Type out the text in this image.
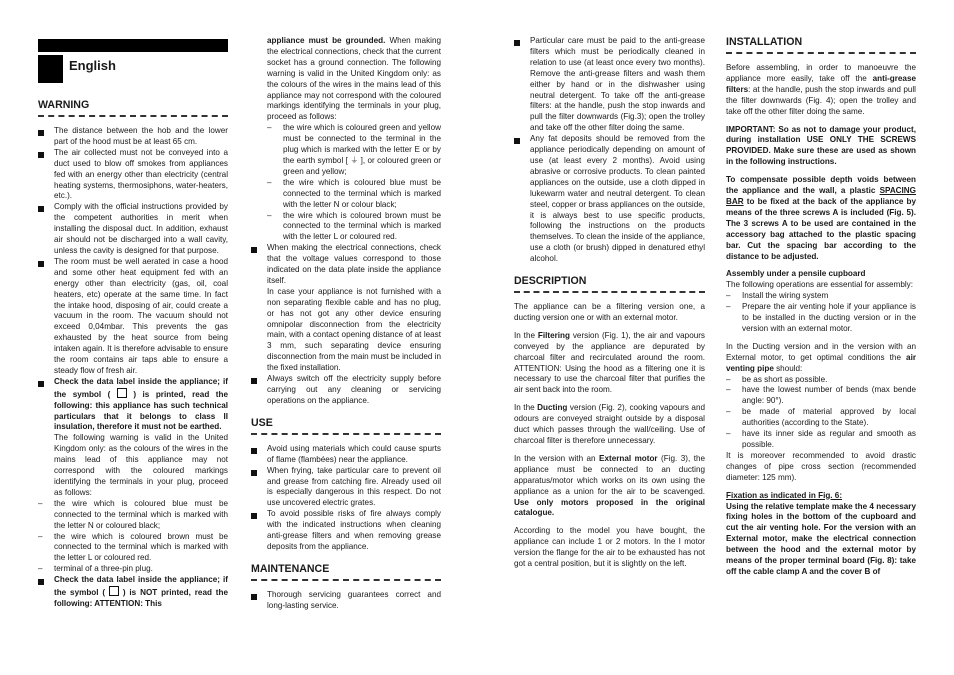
English
WARNING

The distance between the hob and the lower part of the hood must be at least 65 cm.

The air collected must not be conveyed into a duct used to blow off smokes from appliances fed with an energy other than electricity (central heating systems, thermosiphons, water-heaters, etc.).

Comply with the official instructions provided by the competent authorities in merit when installing the disposal duct. In addition, exhaust air should not be discharged into a wall cavity, unless the cavity is designed for that purpose.

The room must be well aerated in case a hood and some other heat equipment fed with an energy other than electricity (gas, oil, coal heaters, etc) operate at the same time. In fact the intake hood, disposing of air, could create a vacuum in the room. The vacuum should not exceed 0,04mbar. This prevents the gas exhausted by the heat source from being intaken again. It is therefore advisable to ensure the room contains air taps able to ensure a steady flow of fresh air.

Check the data label inside the appliance; if the symbol (  ) is printed, read the following: this appliance has such technical particulars that it belongs to class II insulation, therefore it must not be earthed.

The following warning is valid in the United Kingdom only: as the colours of the wires in the mains lead of this appliance may not correspond with the coloured markings identifying the terminals in your plug, proceed as follows:

– the wire which is coloured blue must be connected to the terminal which is marked with the letter N or coloured black;

– the wire which is coloured brown must be connected to the terminal which is marked with the letter L or coloured red.

– terminal of a three-pin plug.

Check the data label inside the appliance; if the symbol (  ) is NOT printed, read the following: ATTENTION: This

appliance must be grounded. When making the electrical connections, check that the current socket has a ground connection. The following warning is valid in the United Kingdom only: as the colours of the wires in the mains lead of this appliance may not correspond with the coloured markings identifying the terminals in your plug, proceed as follows:

– the wire which is coloured green and yellow must be connected to the terminal in the plug which is marked with the letter E or by the earth symbol [ ⏚ ], or coloured green or green and yellow;

– the wire which is coloured blue must be connected to the terminal which is marked with the letter N or colour black;

– the wire which is coloured brown must be connected to the terminal which is marked with the letter L or coloured red.

When making the electrical connections, check that the voltage values correspond to those indicated on the data plate inside the appliance itself.

In case your appliance is not furnished with a non separating flexible cable and has no plug, or has not got any other device ensuring omnipolar disconnection from the electricity main, with a contact opening distance of at least 3 mm, such separating device ensuring disconnection from the main must be included in the fixed installation.

Always switch off the electricity supply before carrying out any cleaning or servicing operations on the appliance.

USE

Avoid using materials which could cause spurts of flame (flambées) near the appliance.

When frying, take particular care to prevent oil and grease from catching fire. Already used oil is especially dangerous in this respect. Do not use uncovered electric grates.

To avoid possible risks of fire always comply with the indicated instructions when cleaning anti-grease filters and when removing grease deposits from the appliance.

MAINTENANCE

Thorough servicing guarantees correct and long-lasting service.

Particular care must be paid to the anti-grease filters which must be periodically cleaned in relation to use (at least once every two months). Remove the anti-grease filters and wash them either by hand or in the dishwasher using neutral detergent. To take off the anti-grease filters: at the handle, push the stop inwards and pull the filter downwards (Fig.3); open the trolley and take off the other filter doing the same.

Any fat deposits should be removed from the appliance periodically depending on amount of use (at least every 2 months). Avoid using abrasive or corrosive products. To clean painted appliances on the outside, use a cloth dipped in lukewarm water and neutral detergent. To clean steel, copper or brass appliances on the outside, it is always best to use specific products, following the instructions on the products themselves. To clean the inside of the appliance, use a cloth (or brush) dipped in denatured ethyl alcohol.

DESCRIPTION

The appliance can be a filtering version one, a ducting version one or with an external motor.

In the Filtering version (Fig. 1), the air and vapours conveyed by the appliance are depurated by charcoal filter and recirculated around the room. ATTENTION: Using the hood as a filtering one it is necessary to use the charcoal filter that purifies the air sent back into the room.

In the Ducting version (Fig. 2), cooking vapours and odours are conveyed straight outside by a disposal duct which passes through the wall/ceiling. Use of charcoal filter is therefore unnecessary.

In the version with an External motor (Fig. 3), the appliance must be connected to an ducting apparatus/motor which works on its own using the appliance as a union for the air to be scavenged. Use only motors proposed in the original catalogue.

According to the model you have bought, the appliance can include 1 or 2 motors. In the I motor version the flange for the air to be exhausted has not got a central position, but it is slightly on the left.

INSTALLATION

Before assembling, in order to manoeuvre the appliance more easily, take off the anti-grease filters: at the handle, push the stop inwards and pull the filter downwards (Fig. 4); open the trolley and take off the other filter doing the same.

IMPORTANT: So as not to damage your product, during installation USE ONLY THE SCREWS PROVIDED. Make sure these are used as shown in the following instructions.

To compensate possible depth voids between the appliance and the wall, a plastic SPACING BAR to be fixed at the back of the appliance by means of the three screws A is included (Fig. 5). The 3 screws A to be used are contained in the accessory bag attached to the plastic spacing bar. Cut the spacing bar according to the distance to be adjusted.

Assembly under a pensile cupboard

The following operations are essential for assembly:

– Install the wiring system

– Prepare the air venting hole if your appliance is to be installed in the ducting version or in the version with an external motor.

In the Ducting version and in the version with an External motor, to get optimal conditions the air venting pipe should:

– be as short as possible.

– have the lowest number of bends (max bende angle: 90°).

– be made of material approved by local authorities (according to the State).

– have its inner side as regular and smooth as possible.

It is moreover recommended to avoid drastic changes of pipe cross section (recommended diameter: 125 mm).

Fixation as indicated in Fig. 6:

Using the relative template make the 4 necessary fixing holes in the bottom of the cupboard and cut the air venting hole. For the version with an External motor, make the electrical connection between the hood and the external motor by means of the proper terminal board (Fig. 8): take off the cable clamp A and the cover B of
